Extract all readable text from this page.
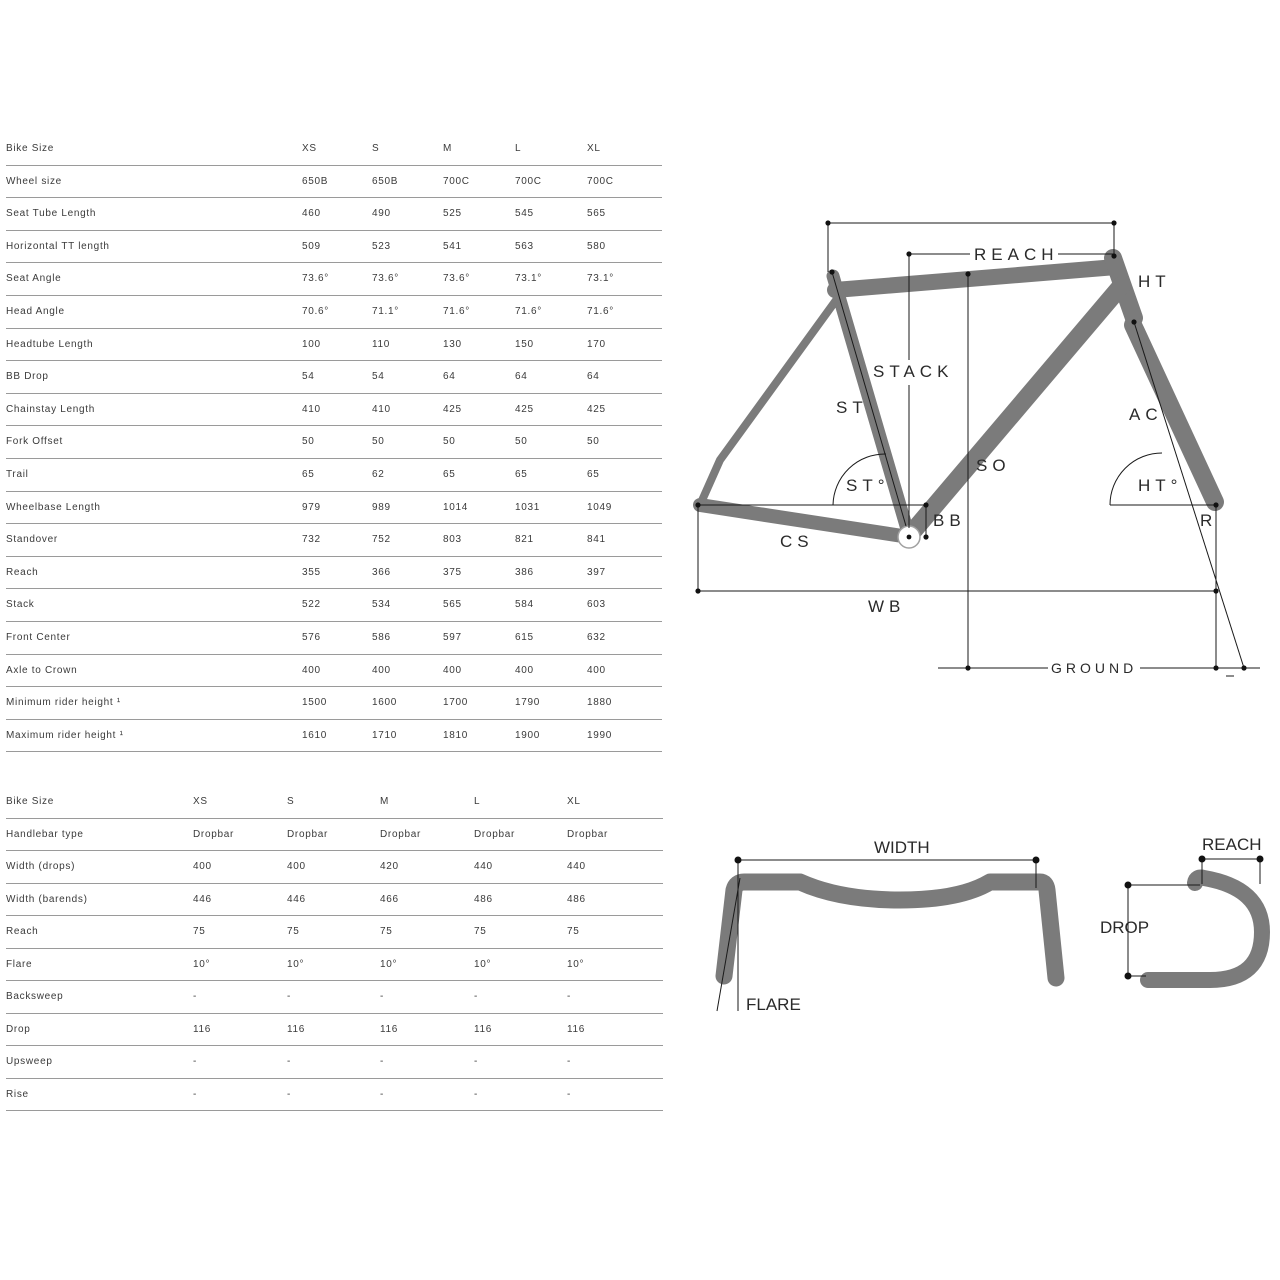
Bike Size	XS	S	M	L	XL
Wheel size	650B	650B	700C	700C	700C
Seat Tube Length	460	490	525	545	565
Horizontal TT length	509	523	541	563	580
Seat Angle	73.6°	73.6°	73.6°	73.1°	73.1°
Head Angle	70.6°	71.1°	71.6°	71.6°	71.6°
Headtube Length	100	110	130	150	170
BB Drop	54	54	64	64	64
Chainstay Length	410	410	425	425	425
Fork Offset	50	50	50	50	50
Trail	65	62	65	65	65
Wheelbase Length	979	989	1014	1031	1049
Standover	732	752	803	821	841
Reach	355	366	375	386	397
Stack	522	534	565	584	603
Front Center	576	586	597	615	632
Axle to Crown	400	400	400	400	400
Minimum rider height ¹	1500	1600	1700	1790	1880
Maximum rider height ¹	1610	1710	1810	1900	1990
Bike Size	XS	S	M	L	XL
Handlebar type	Dropbar	Dropbar	Dropbar	Dropbar	Dropbar
Width (drops)	400	400	420	440	440
Width (barends)	446	446	466	486	486
Reach	75	75	75	75	75
Flare	10°	10°	10°	10°	10°
Backsweep	-	-	-	-	-
Drop	116	116	116	116	116
Upsweep	-	-	-	-	-
Rise	-	-	-	-	-
REACH
HT
STACK
ST	AC
SO
ST°	HT°
BB	R
CS
WB
GROUND
WIDTH
FLARE
REACH
DROP
